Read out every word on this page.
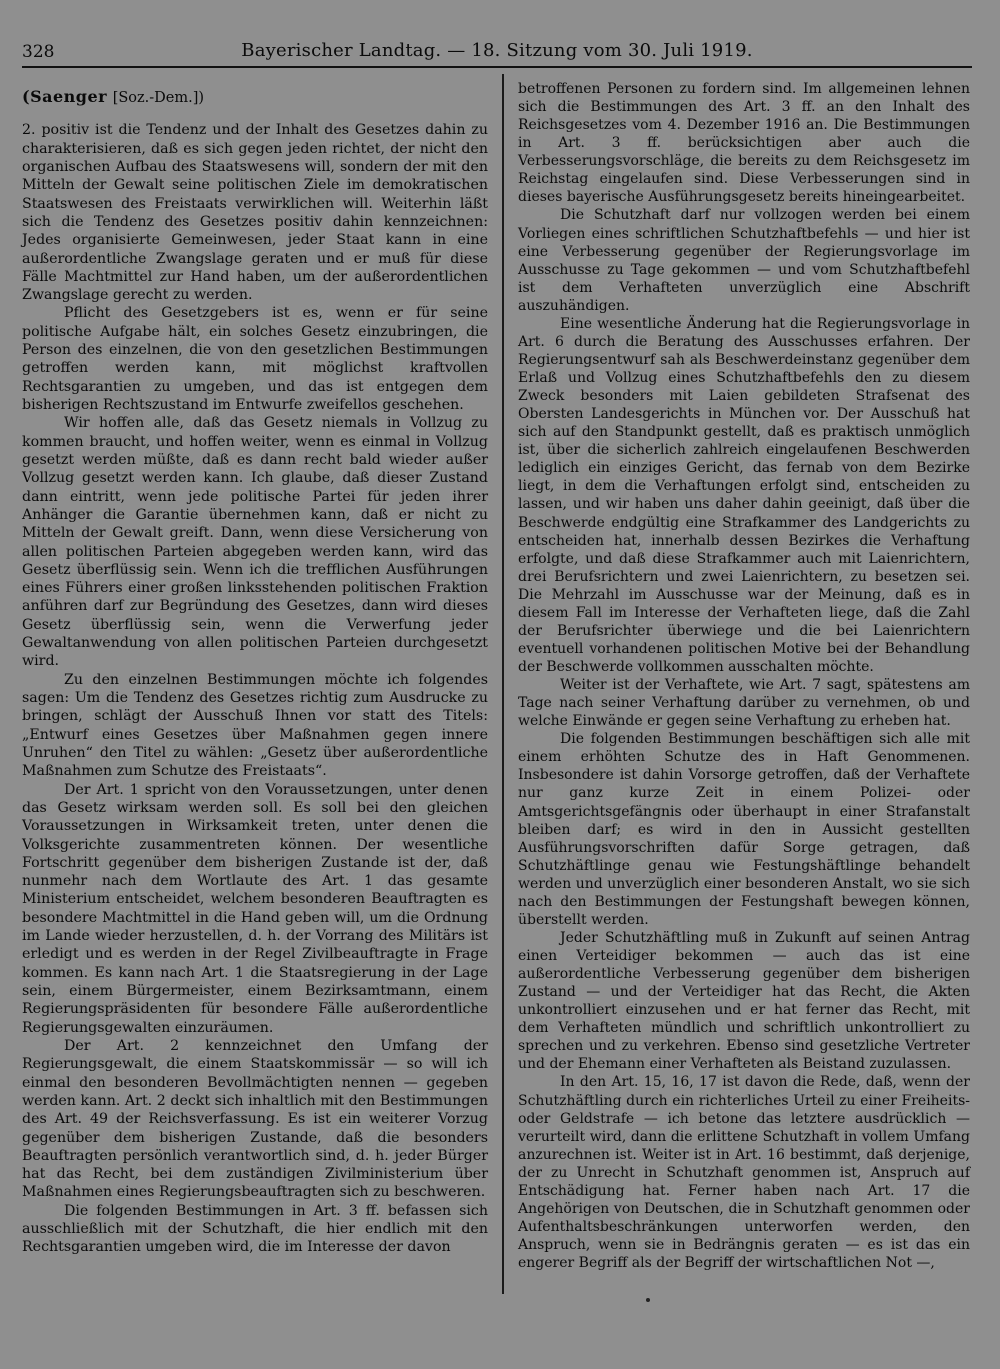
328	Bayerischer Landtag. — 18. Sitzung vom 30. Juli 1919.
(Saenger [Soz.-Dem.])

2. positiv ist die Tendenz und der Inhalt des Gesetzes dahin zu charakterisieren, daß es sich gegen jeden richtet, der nicht den organischen Aufbau des Staatswesens will, sondern der mit den Mitteln der Gewalt seine politischen Ziele im demokratischen Staatswesen des Freistaats verwirklichen will. Weiterhin läßt sich die Tendenz des Gesetzes positiv dahin kennzeichnen: Jedes organisierte Gemeinwesen, jeder Staat kann in eine außerordentliche Zwangslage geraten und er muß für diese Fälle Machtmittel zur Hand haben, um der außerordentlichen Zwangslage gerecht zu werden.

Pflicht des Gesetzgebers ist es, wenn er für seine politische Aufgabe hält, ein solches Gesetz einzubringen, die Person des einzelnen, die von den gesetzlichen Bestimmungen getroffen werden kann, mit möglichst kraftvollen Rechtsgarantien zu umgeben, und das ist entgegen dem bisherigen Rechtszustand im Entwurfe zweifellos geschehen.

Wir hoffen alle, daß das Gesetz niemals in Vollzug zu kommen braucht, und hoffen weiter, wenn es einmal in Vollzug gesetzt werden müßte, daß es dann recht bald wieder außer Vollzug gesetzt werden kann. Ich glaube, daß dieser Zustand dann eintritt, wenn jede politische Partei für jeden ihrer Anhänger die Garantie übernehmen kann, daß er nicht zu Mitteln der Gewalt greift. Dann, wenn diese Versicherung von allen politischen Parteien abgegeben werden kann, wird das Gesetz überflüssig sein. Wenn ich die trefflichen Ausführungen eines Führers einer großen linksstehenden politischen Fraktion anführen darf zur Begründung des Gesetzes, dann wird dieses Gesetz überflüssig sein, wenn die Verwerfung jeder Gewaltanwendung von allen politischen Parteien durchgesetzt wird.

Zu den einzelnen Bestimmungen möchte ich folgendes sagen: Um die Tendenz des Gesetzes richtig zum Ausdrucke zu bringen, schlägt der Ausschuß Ihnen vor statt des Titels: „Entwurf eines Gesetzes über Maßnahmen gegen innere Unruhen“ den Titel zu wählen: „Gesetz über außerordentliche Maßnahmen zum Schutze des Freistaats“.

Der Art. 1 spricht von den Voraussetzungen, unter denen das Gesetz wirksam werden soll. Es soll bei den gleichen Voraussetzungen in Wirksamkeit treten, unter denen die Volksgerichte zusammentreten können. Der wesentliche Fortschritt gegenüber dem bisherigen Zustande ist der, daß nunmehr nach dem Wortlaute des Art. 1 das gesamte Ministerium entscheidet, welchem besonderen Beauftragten es besondere Machtmittel in die Hand geben will, um die Ordnung im Lande wieder herzustellen, d. h. der Vorrang des Militärs ist erledigt und es werden in der Regel Zivilbeauftragte in Frage kommen. Es kann nach Art. 1 die Staatsregierung in der Lage sein, einem Bürgermeister, einem Bezirksamtmann, einem Regierungspräsidenten für besondere Fälle außerordentliche Regierungsgewalten einzuräumen.

Der Art. 2 kennzeichnet den Umfang der Regierungsgewalt, die einem Staatskommissär — so will ich einmal den besonderen Bevollmächtigten nennen — gegeben werden kann. Art. 2 deckt sich inhaltlich mit den Bestimmungen des Art. 49 der Reichsverfassung. Es ist ein weiterer Vorzug gegenüber dem bisherigen Zustande, daß die besonders Beauftragten persönlich verantwortlich sind, d. h. jeder Bürger hat das Recht, bei dem zuständigen Zivilministerium über Maßnahmen eines Regierungsbeauftragten sich zu beschweren.

Die folgenden Bestimmungen in Art. 3 ff. befassen sich ausschließlich mit der Schutzhaft, die hier endlich mit den Rechtsgarantien umgeben wird, die im Interesse der davon

betroffenen Personen zu fordern sind. Im allgemeinen lehnen sich die Bestimmungen des Art. 3 ff. an den Inhalt des Reichsgesetzes vom 4. Dezember 1916 an. Die Bestimmungen in Art. 3 ff. berücksichtigen aber auch die Verbesserungsvorschläge, die bereits zu dem Reichsgesetz im Reichstag eingelaufen sind. Diese Verbesserungen sind in dieses bayerische Ausführungsgesetz bereits hineingearbeitet.

Die Schutzhaft darf nur vollzogen werden bei einem Vorliegen eines schriftlichen Schutzhaftbefehls — und hier ist eine Verbesserung gegenüber der Regierungsvorlage im Ausschusse zu Tage gekommen — und vom Schutzhaftbefehl ist dem Verhafteten unverzüglich eine Abschrift auszuhändigen.

Eine wesentliche Änderung hat die Regierungsvorlage in Art. 6 durch die Beratung des Ausschusses erfahren. Der Regierungsentwurf sah als Beschwerdeinstanz gegenüber dem Erlaß und Vollzug eines Schutzhaftbefehls den zu diesem Zweck besonders mit Laien gebildeten Strafsenat des Obersten Landesgerichts in München vor. Der Ausschuß hat sich auf den Standpunkt gestellt, daß es praktisch unmöglich ist, über die sicherlich zahlreich eingelaufenen Beschwerden lediglich ein einziges Gericht, das fernab von dem Bezirke liegt, in dem die Verhaftungen erfolgt sind, entscheiden zu lassen, und wir haben uns daher dahin geeinigt, daß über die Beschwerde endgültig eine Strafkammer des Landgerichts zu entscheiden hat, innerhalb dessen Bezirkes die Verhaftung erfolgte, und daß diese Strafkammer auch mit Laienrichtern, drei Berufsrichtern und zwei Laienrichtern, zu besetzen sei. Die Mehrzahl im Ausschusse war der Meinung, daß es in diesem Fall im Interesse der Verhafteten liege, daß die Zahl der Berufsrichter überwiege und die bei Laienrichtern eventuell vorhandenen politischen Motive bei der Behandlung der Beschwerde vollkommen ausschalten möchte.

Weiter ist der Verhaftete, wie Art. 7 sagt, spätestens am Tage nach seiner Verhaftung darüber zu vernehmen, ob und welche Einwände er gegen seine Verhaftung zu erheben hat.

Die folgenden Bestimmungen beschäftigen sich alle mit einem erhöhten Schutze des in Haft Genommenen. Insbesondere ist dahin Vorsorge getroffen, daß der Verhaftete nur ganz kurze Zeit in einem Polizei- oder Amtsgerichtsgefängnis oder überhaupt in einer Strafanstalt bleiben darf; es wird in den in Aussicht gestellten Ausführungsvorschriften dafür Sorge getragen, daß Schutzhäftlinge genau wie Festungshäftlinge behandelt werden und unverzüglich einer besonderen Anstalt, wo sie sich nach den Bestimmungen der Festungshaft bewegen können, überstellt werden.

Jeder Schutzhäftling muß in Zukunft auf seinen Antrag einen Verteidiger bekommen — auch das ist eine außerordentliche Verbesserung gegenüber dem bisherigen Zustand — und der Verteidiger hat das Recht, die Akten unkontrolliert einzusehen und er hat ferner das Recht, mit dem Verhafteten mündlich und schriftlich unkontrolliert zu sprechen und zu verkehren. Ebenso sind gesetzliche Vertreter und der Ehemann einer Verhafteten als Beistand zuzulassen.

In den Art. 15, 16, 17 ist davon die Rede, daß, wenn der Schutzhäftling durch ein richterliches Urteil zu einer Freiheits- oder Geldstrafe — ich betone das letztere ausdrücklich — verurteilt wird, dann die erlittene Schutzhaft in vollem Umfang anzurechnen ist. Weiter ist in Art. 16 bestimmt, daß derjenige, der zu Unrecht in Schutzhaft genommen ist, Anspruch auf Entschädigung hat. Ferner haben nach Art. 17 die Angehörigen von Deutschen, die in Schutzhaft genommen oder Aufenthaltsbeschränkungen unterworfen werden, den Anspruch, wenn sie in Bedrängnis geraten — es ist das ein engerer Begriff als der Begriff der wirtschaftlichen Not —,
